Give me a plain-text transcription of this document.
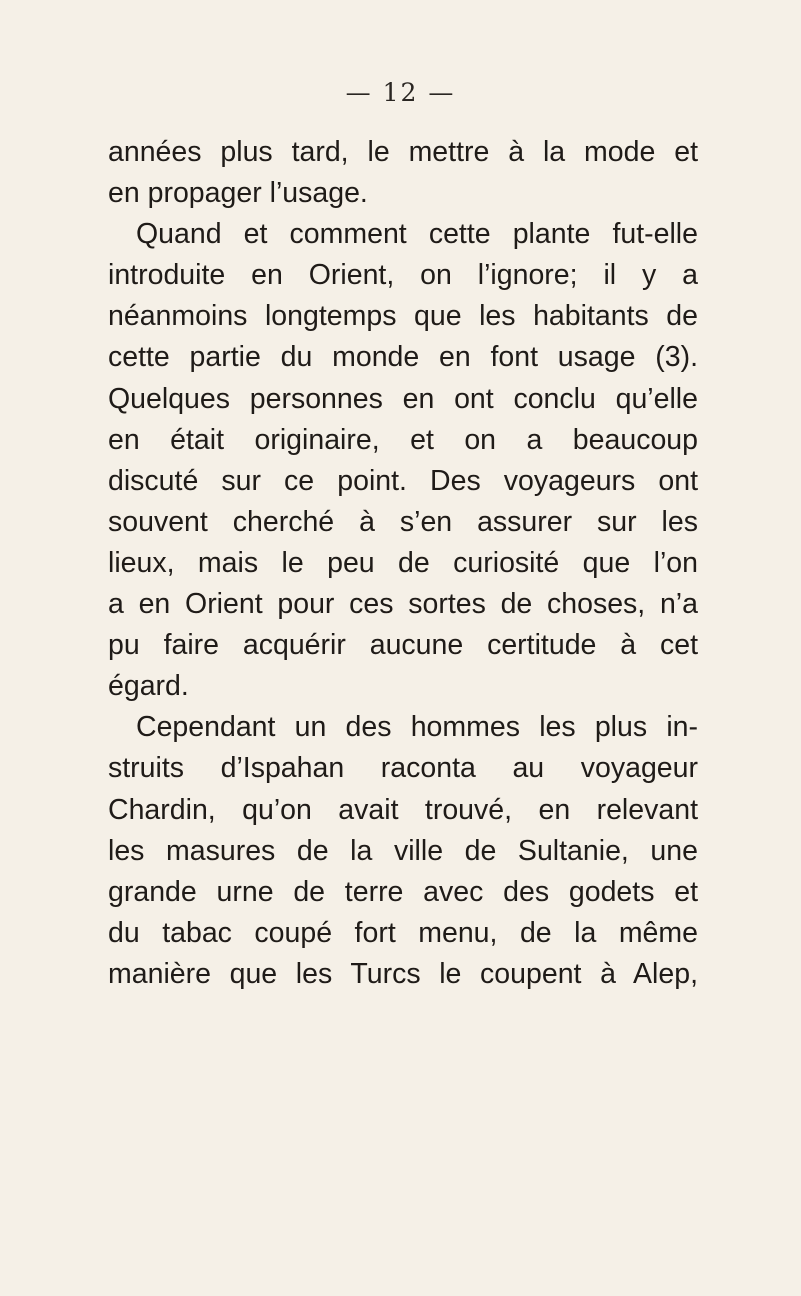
— 12 —
années plus tard, le mettre à la mode et
en propager l’usage.
Quand et comment cette plante fut-elle
introduite en Orient, on l’ignore; il y a
néanmoins longtemps que les habitants de
cette partie du monde en font usage (3).
Quelques personnes en ont conclu qu’elle
en était originaire, et on a beaucoup
discuté sur ce point. Des voyageurs ont
souvent cherché à s’en assurer sur les
lieux, mais le peu de curiosité que l’on
a en Orient pour ces sortes de choses, n’a
pu faire acquérir aucune certitude à cet
égard.
Cependant un des hommes les plus in-
struits d’Ispahan raconta au voyageur
Chardin, qu’on avait trouvé, en relevant
les masures de la ville de Sultanie, une
grande urne de terre avec des godets et
du tabac coupé fort menu, de la même
manière que les Turcs le coupent à Alep,
